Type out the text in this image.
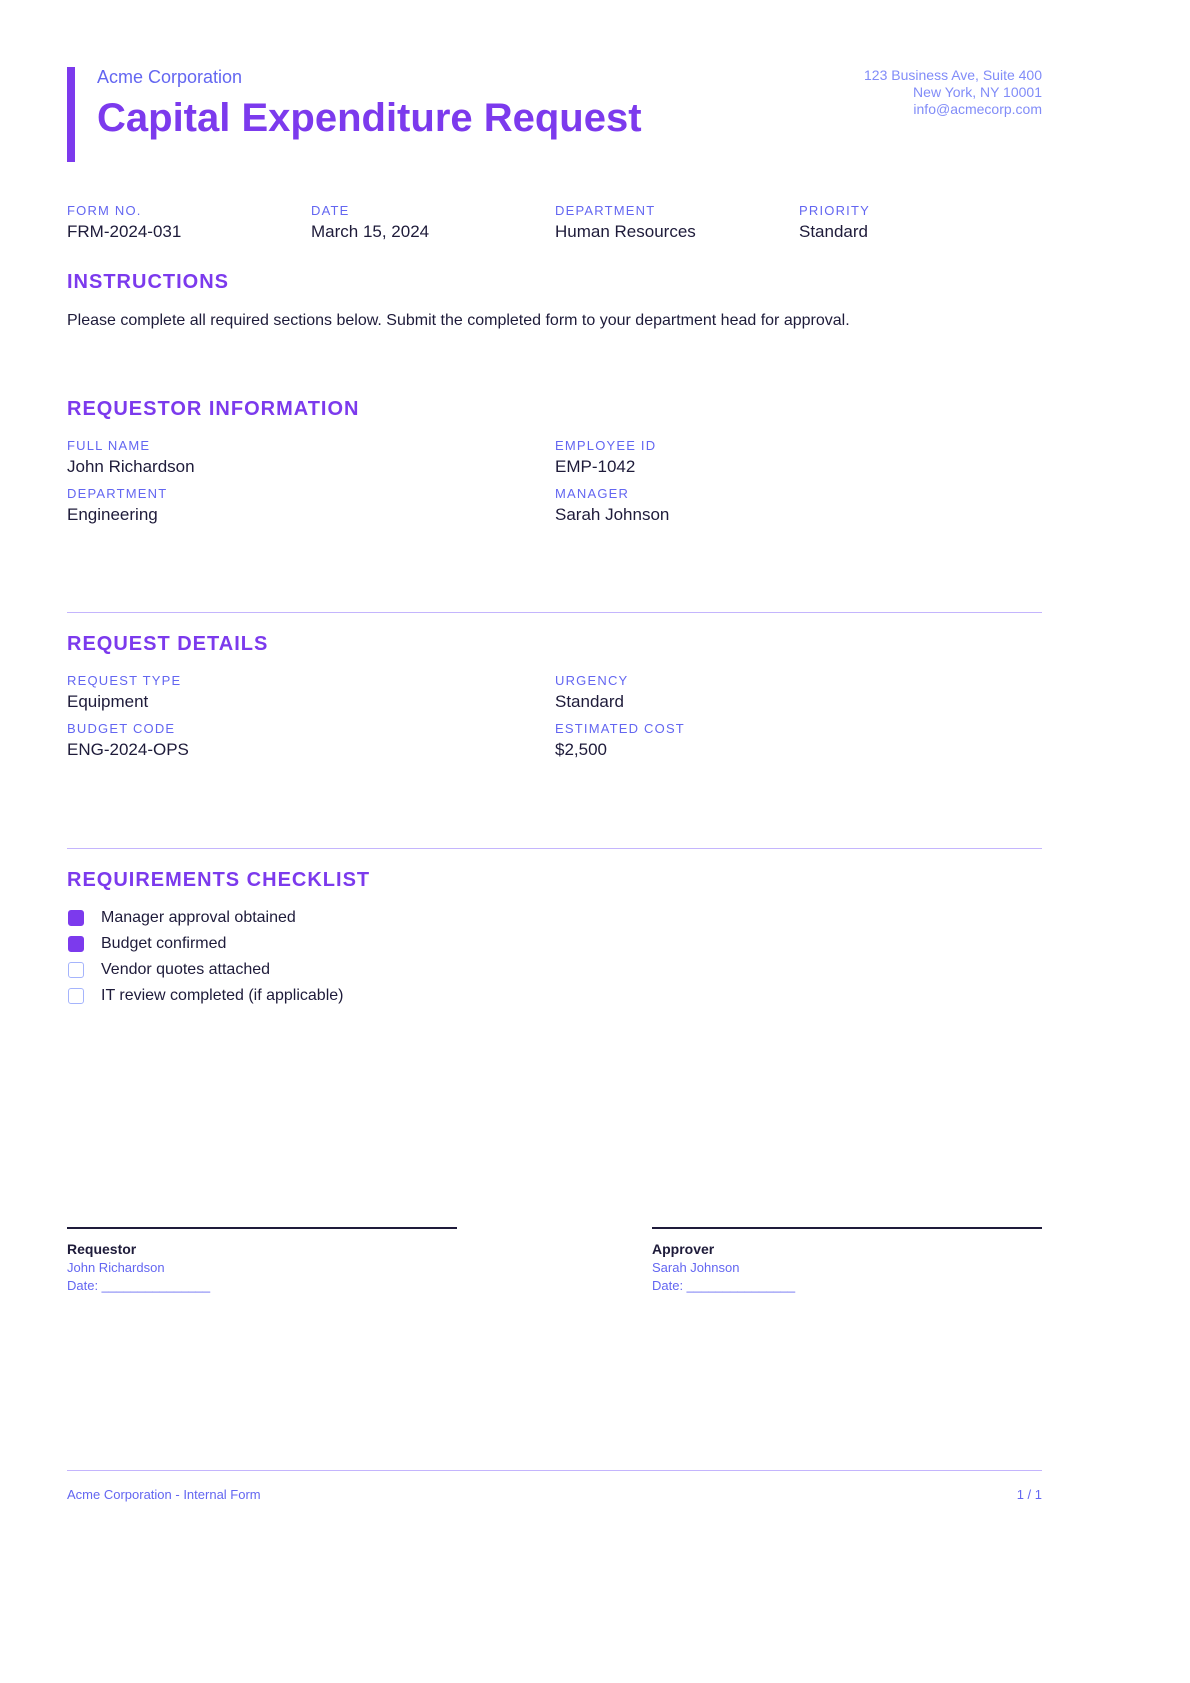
Acme Corporation
Capital Expenditure Request
123 Business Ave, Suite 400
New York, NY 10001
info@acmecorp.com
FORM NO.
FRM-2024-031
DATE
March 15, 2024
DEPARTMENT
Human Resources
PRIORITY
Standard
INSTRUCTIONS
Please complete all required sections below. Submit the completed form to your department head for approval.
REQUESTOR INFORMATION
FULL NAME
John Richardson
EMPLOYEE ID
EMP-1042
DEPARTMENT
Engineering
MANAGER
Sarah Johnson
REQUEST DETAILS
REQUEST TYPE
Equipment
URGENCY
Standard
BUDGET CODE
ENG-2024-OPS
ESTIMATED COST
$2,500
REQUIREMENTS CHECKLIST
Manager approval obtained
Budget confirmed
Vendor quotes attached
IT review completed (if applicable)
Requestor
John Richardson
Date: _______________
Approver
Sarah Johnson
Date: _______________
Acme Corporation - Internal Form	1 / 1
